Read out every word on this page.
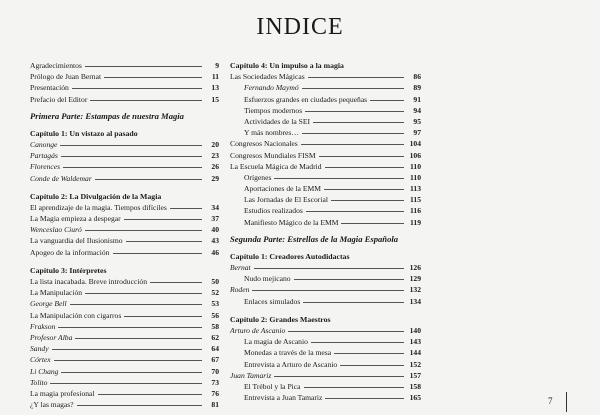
INDICE
Agradecimientos	9
Prólogo de Juan Bernat	11
Presentación	13
Prefacio del Editor	15
Primera Parte: Estampas de nuestra Magia
Capítulo 1: Un vistazo al pasado
Canonge	20
Partagás	23
Florences	26
Conde de Waldemar	29
Capítulo 2: La Divulgación de la Magia
El aprendizaje de la magia. Tiempos difíciles	34
La Magia empieza a despegar	37
Wenceslao Ciuró	40
La vanguardia del Ilusionismo	43
Apogeo de la información	46
Capítulo 3: Intérpretes
La lista inacabada. Breve introducción	50
La Manipulación	52
George Bell	53
La Manipulación con cigarros	56
Frakson	58
Profesor Alba	62
Sandy	64
Córtex	67
Li Chang	70
Tolito	73
La magia profesional	76
¿Y las magas?	81
Capítulo 4: Un impulso a la magia
Las Sociedades Mágicas	86
Fernando Maymó	89
Esfuerzos grandes en ciudades pequeñas	91
Tiempos modernos	94
Actividades de la SEI	95
Y más nombres…	97
Congresos Nacionales	104
Congresos Mundiales FISM	106
La Escuela Mágica de Madrid	110
Orígenes	110
Aportaciones de la EMM	113
Las Jornadas de El Escorial	115
Estudios realizados	116
Manifiesto Mágico de la EMM	119
Segunda Parte: Estrellas de la Magia Española
Capítulo 1: Creadores Autodidactas
Bernat	126
Nudo mejicano	129
Roden	132
Enlaces simulados	134
Capítulo 2: Grandes Maestros
Arturo de Ascanio	140
La magia de Ascanio	143
Monedas a través de la mesa	144
Entrevista a Arturo de Ascanio	152
Juan Tamariz	157
El Trébol y la Pica	158
Entrevista a Juan Tamariz	165	7
